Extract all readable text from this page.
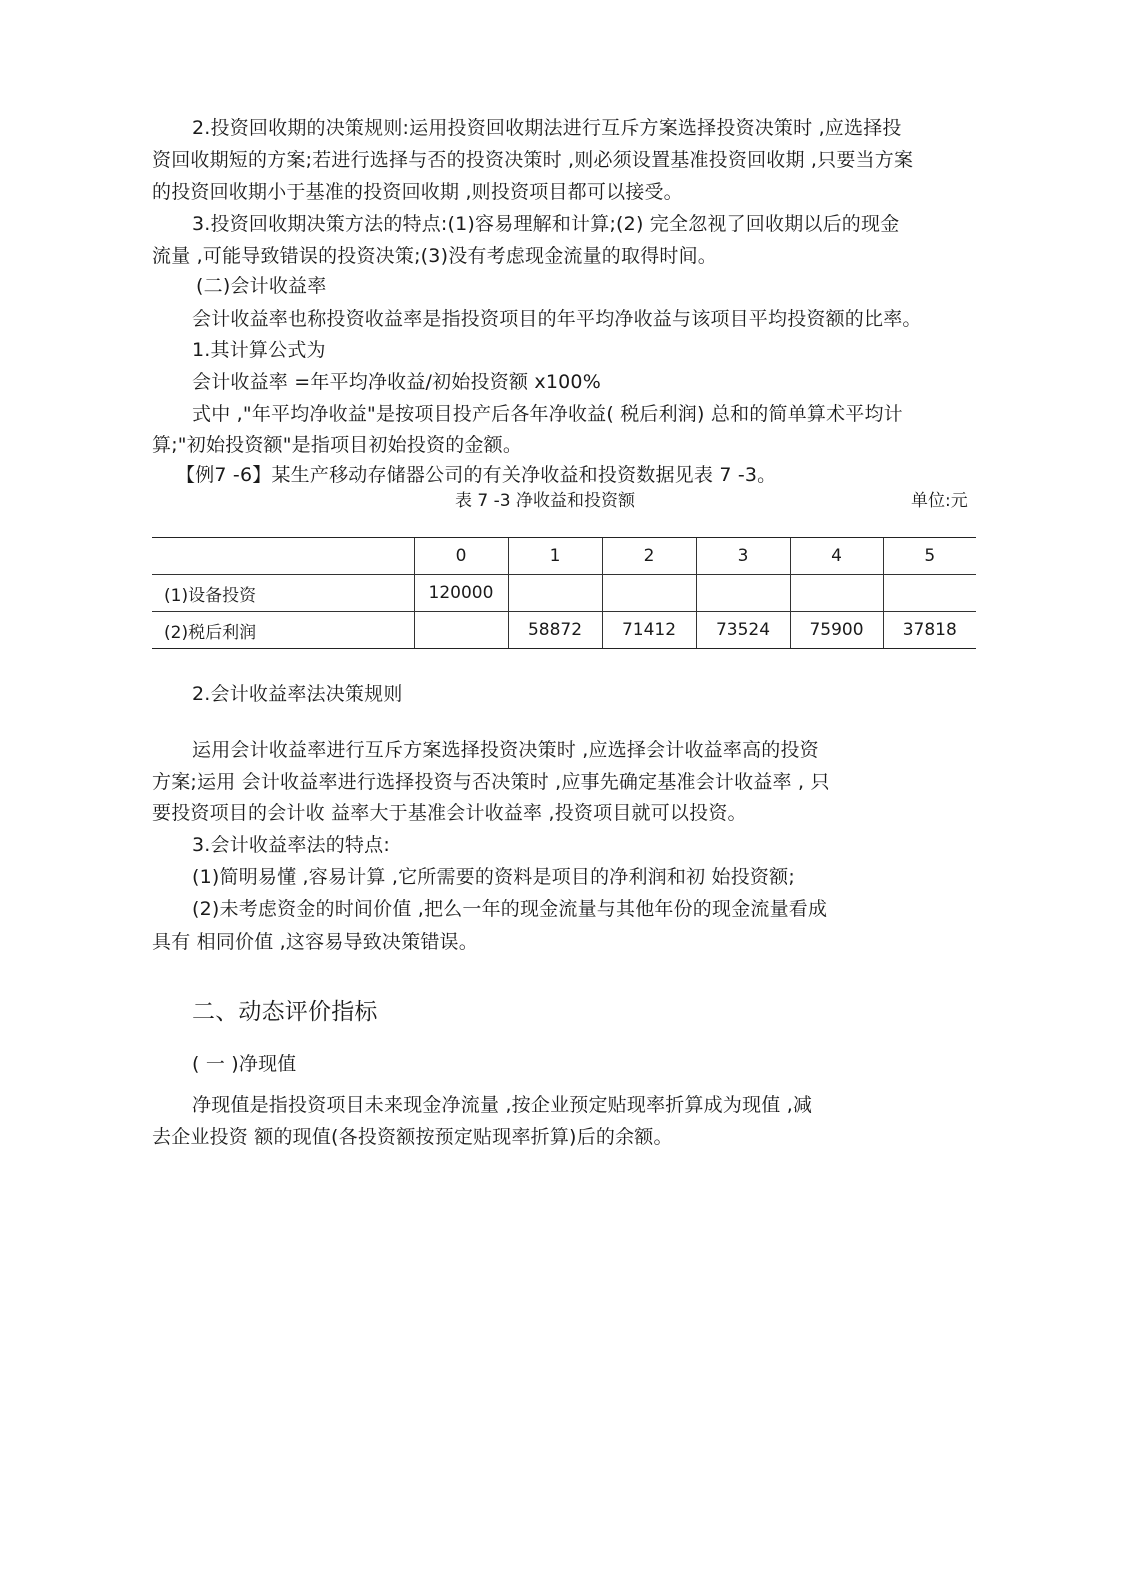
2.投资回收期的决策规则:运用投资回收期法进行互斥方案选择投资决策时 ,应选择投
资回收期短的方案;若进行选择与否的投资决策时 ,则必须设置基准投资回收期 ,只要当方案
的投资回收期小于基准的投资回收期 ,则投资项目都可以接受。
3.投资回收期决策方法的特点:(1)容易理解和计算;(2) 完全忽视了回收期以后的现金
流量 ,可能导致错误的投资决策;(3)没有考虑现金流量的取得时间。
(二)会计收益率
会计收益率也称投资收益率是指投资项目的年平均净收益与该项目平均投资额的比率。
1.其计算公式为
会计收益率 =年平均净收益/初始投资额 x100%
式中 ,"年平均净收益"是按项目投产后各年净收益( 税后利润) 总和的简单算术平均计
算;"初始投资额"是指项目初始投资的金额。
【例7 -6】某生产移动存储器公司的有关净收益和投资数据见表 7 -3。
表 7 -3 净收益和投资额	单位:元
	0	1	2	3	4	5
(1)设备投资	120000					
(2)税后利润		58872	71412	73524	75900	37818
2.会计收益率法决策规则
运用会计收益率进行互斥方案选择投资决策时 ,应选择会计收益率高的投资
方案;运用 会计收益率进行选择投资与否决策时 ,应事先确定基准会计收益率 , 只
要投资项目的会计收 益率大于基准会计收益率 ,投资项目就可以投资。
3.会计收益率法的特点:
(1)简明易懂 ,容易计算 ,它所需要的资料是项目的净利润和初 始投资额;
(2)未考虑资金的时间价值 ,把么一年的现金流量与其他年份的现金流量看成
具有 相同价值 ,这容易导致决策错误。
二、动态评价指标
( 一 )净现值
净现值是指投资项目未来现金净流量 ,按企业预定贴现率折算成为现值 ,减
去企业投资 额的现值(各投资额按预定贴现率折算)后的余额。
